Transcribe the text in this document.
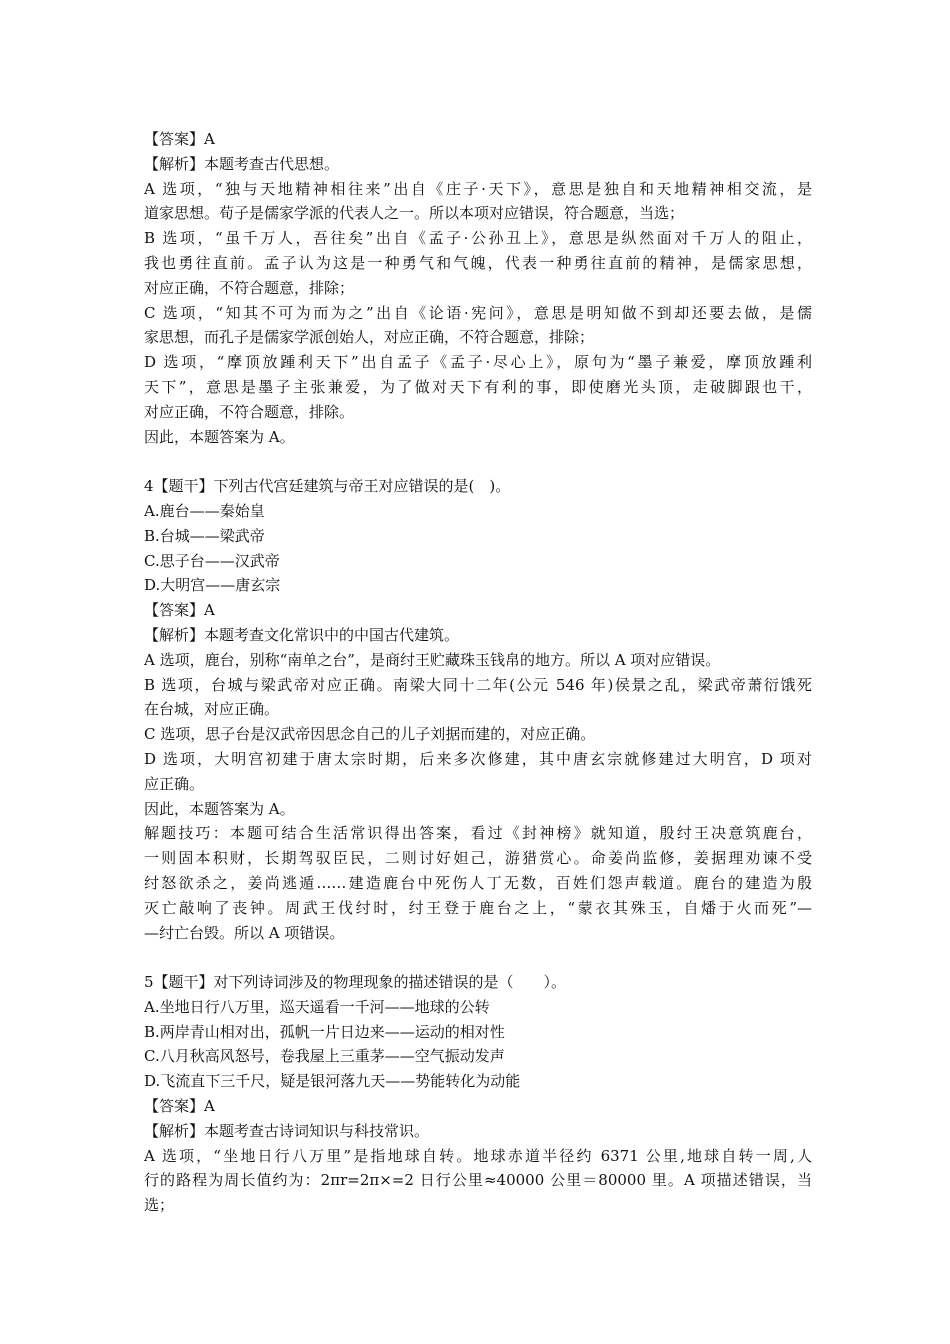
【答案】A
【解析】本题考查古代思想。
A 选项，“独与天地精神相往来”出自《庄子·天下》，意思是独自和天地精神相交流，是
道家思想。荀子是儒家学派的代表人之一。所以本项对应错误，符合题意，当选；
B 选项，“虽千万人，吾往矣”出自《孟子·公孙丑上》，意思是纵然面对千万人的阻止，
我也勇往直前。孟子认为这是一种勇气和气魄，代表一种勇往直前的精神，是儒家思想，
对应正确，不符合题意，排除；
C 选项，“知其不可为而为之”出自《论语·宪问》，意思是明知做不到却还要去做，是儒
家思想，而孔子是儒家学派创始人，对应正确，不符合题意，排除；
D 选项，“摩顶放踵利天下”出自孟子《孟子·尽心上》，原句为“墨子兼爱，摩顶放踵利
天下”，意思是墨子主张兼爱，为了做对天下有利的事，即使磨光头顶，走破脚跟也干，
对应正确，不符合题意，排除。
因此，本题答案为 A。
4【题干】下列古代宫廷建筑与帝王对应错误的是(　)。
A.鹿台——秦始皇
B.台城——梁武帝
C.思子台——汉武帝
D.大明宫——唐玄宗
【答案】A
【解析】本题考查文化常识中的中国古代建筑。
A 选项，鹿台，别称“南单之台”，是商纣王贮藏珠玉钱帛的地方。所以 A 项对应错误。
B 选项，台城与梁武帝对应正确。南梁大同十二年(公元 546 年)侯景之乱，梁武帝萧衍饿死
在台城，对应正确。
C 选项，思子台是汉武帝因思念自己的儿子刘据而建的，对应正确。
D 选项，大明宫初建于唐太宗时期，后来多次修建，其中唐玄宗就修建过大明宫，D 项对
应正确。
因此，本题答案为 A。
解题技巧：本题可结合生活常识得出答案，看过《封神榜》就知道，殷纣王决意筑鹿台，
一则固本积财，长期驾驭臣民，二则讨好妲己，游猎赏心。命姜尚监修，姜据理劝谏不受
纣怒欲杀之，姜尚逃遁……建造鹿台中死伤人丁无数，百姓们怨声载道。鹿台的建造为殷
灭亡敲响了丧钟。周武王伐纣时，纣王登于鹿台之上，“蒙衣其殊玉，自燔于火而死”—
—纣亡台毁。所以 A 项错误。
5【题干】对下列诗词涉及的物理现象的描述错误的是（　　）。
A.坐地日行八万里，巡天遥看一千河——地球的公转
B.两岸青山相对出，孤帆一片日边来——运动的相对性
C.八月秋高风怒号，卷我屋上三重茅——空气振动发声
D.飞流直下三千尺，疑是银河落九天——势能转化为动能
【答案】A
【解析】本题考查古诗词知识与科技常识。
A 选项，“坐地日行八万里”是指地球自转。地球赤道半径约 6371 公里,地球自转一周,人
行的路程为周长值约为：2πr=2π×=2 日行公里≈40000 公里＝80000 里。A 项描述错误，当
选；
